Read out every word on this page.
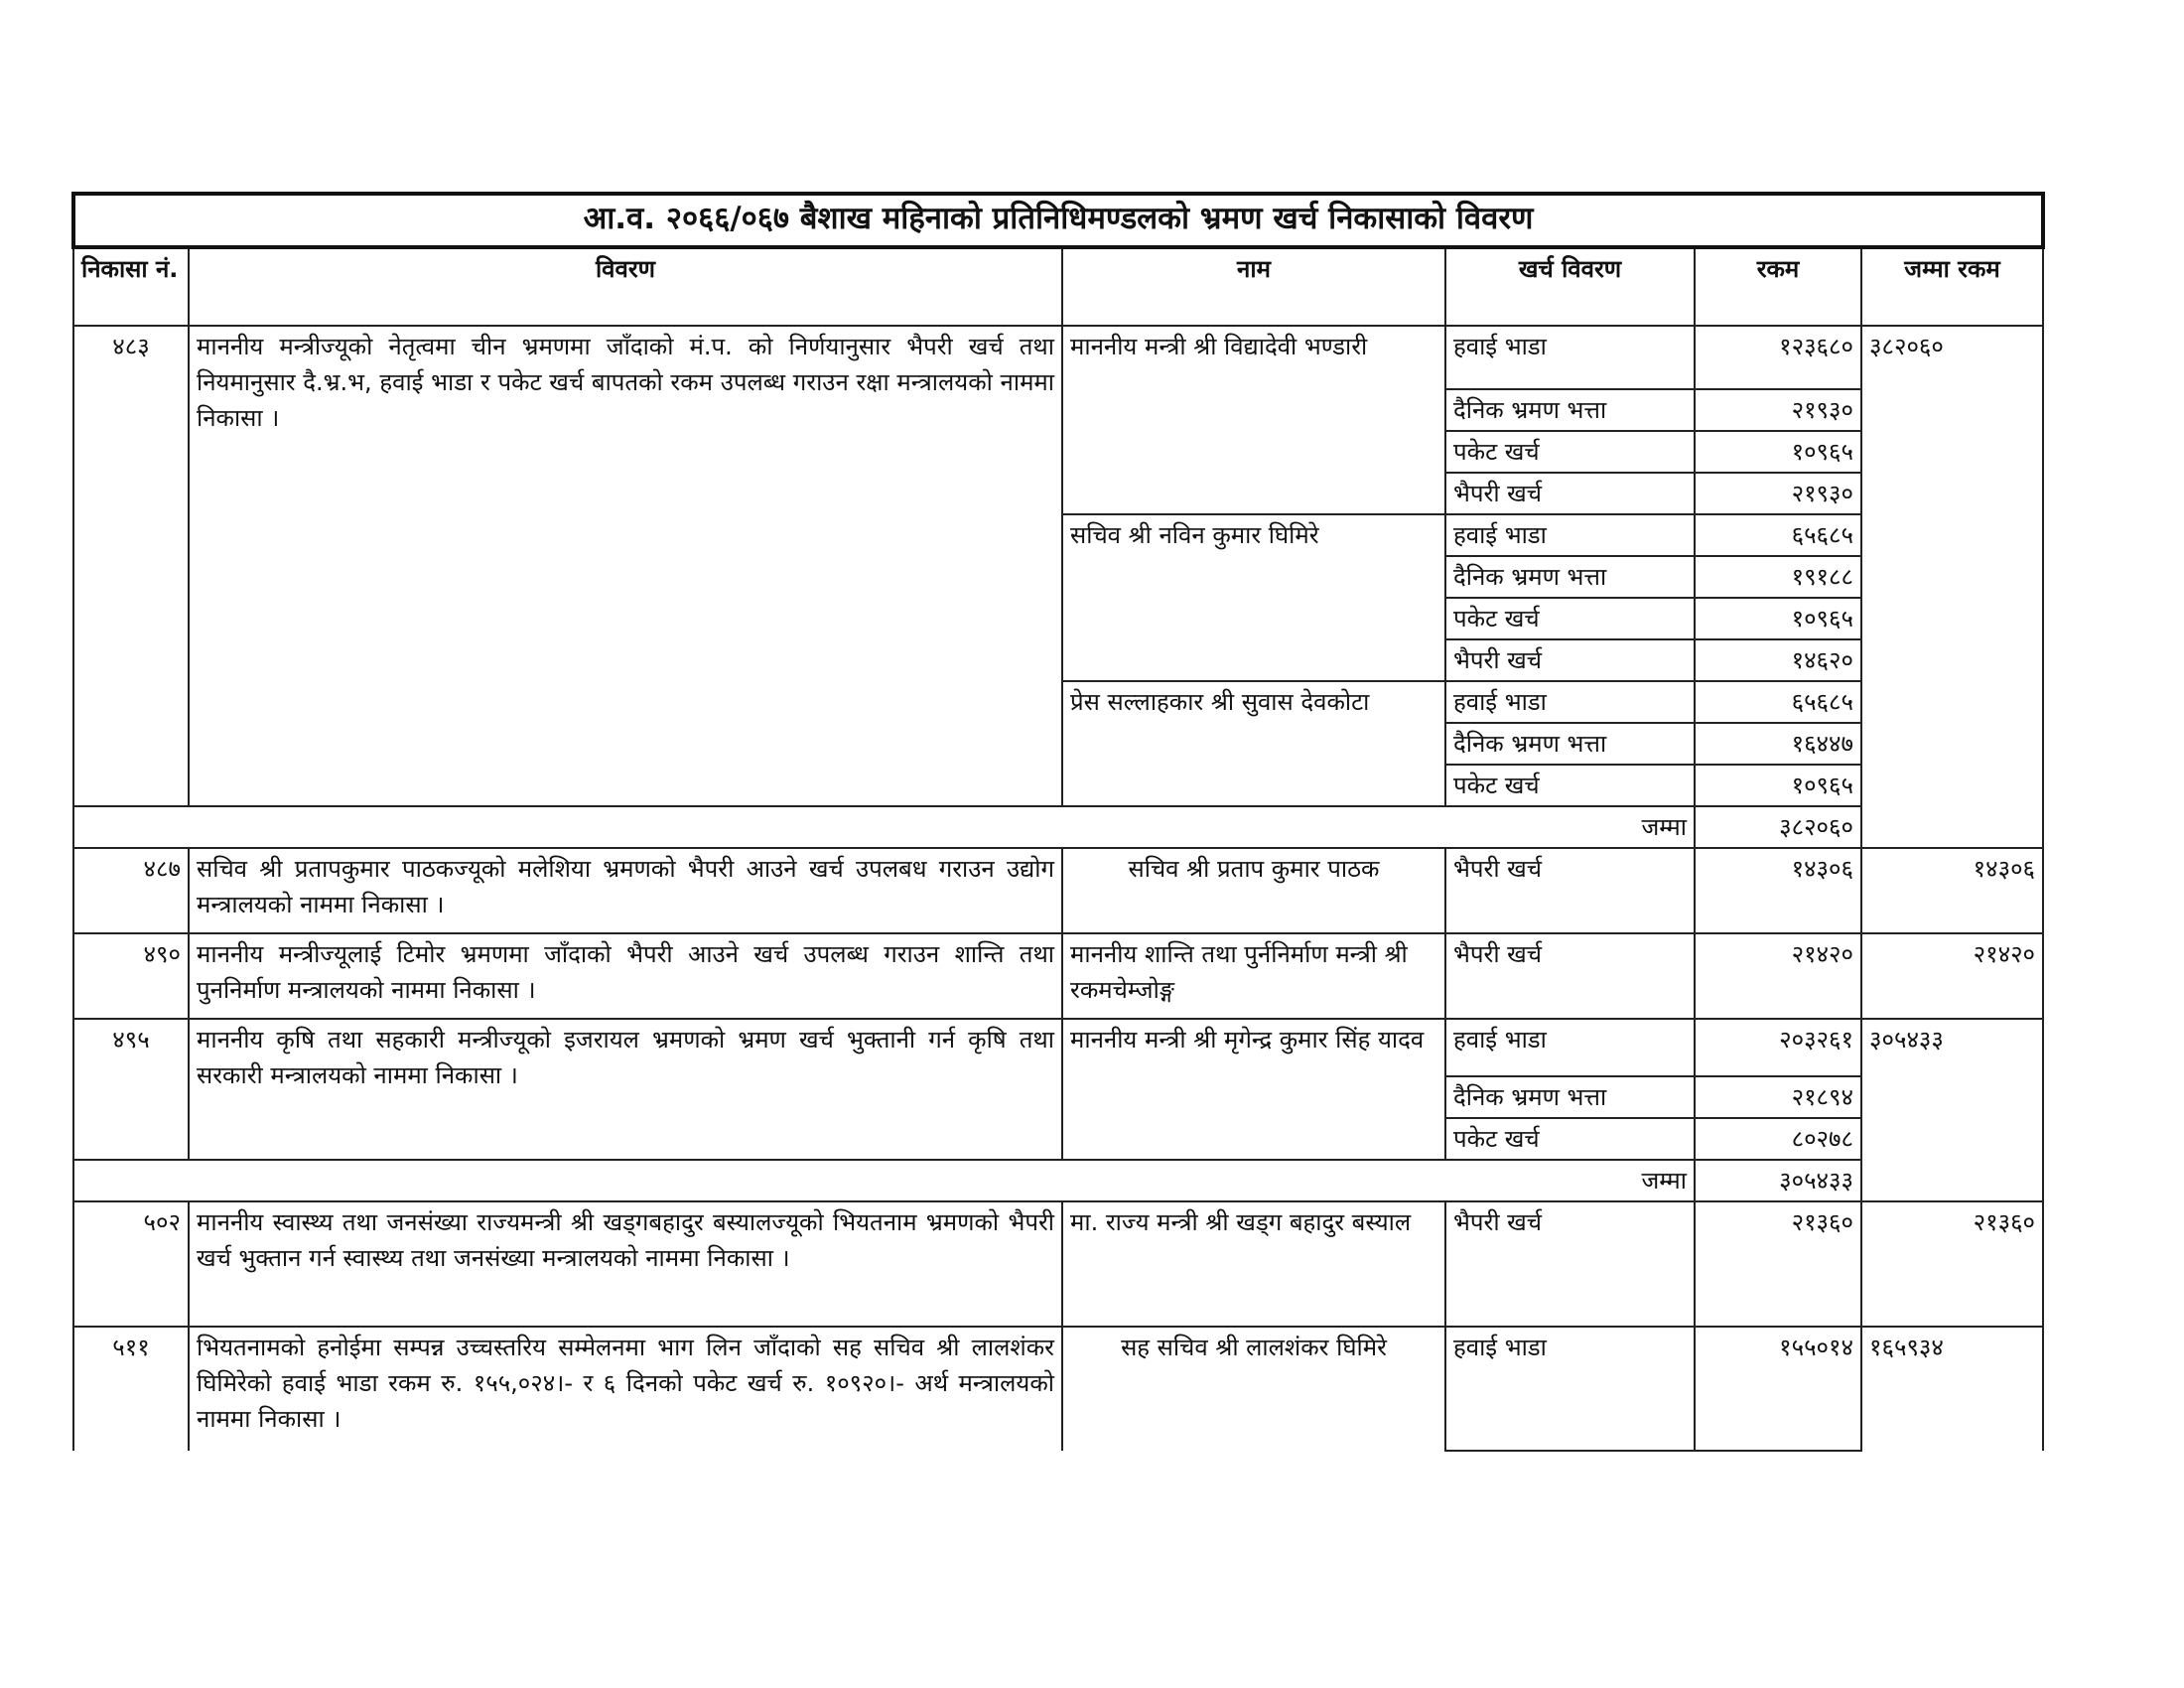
आ.व. २०६६/०६७ बैशाख महिनाको प्रतिनिधिमण्डलको भ्रमण खर्च निकासाको विवरण					
निकासा नं.	विवरण	नाम	खर्च विवरण	रकम	जम्मा रकम
४८३	माननीय मन्त्रीज्यूको नेतृत्वमा चीन भ्रमणमा जाँदाको मं.प. को निर्णयानुसार भैपरी खर्च तथा नियमानुसार दै.भ्र.भ, हवाई भाडा र पकेट खर्च बापतको रकम उपलब्ध गराउन रक्षा मन्त्रालयको नाममा निकासा ।	माननीय मन्त्री श्री विद्यादेवी भण्डारी	हवाई भाडा	१२३६८०	३८२०६०
			दैनिक भ्रमण भत्ता	२१९३०	
			पकेट खर्च	१०९६५	
			भैपरी खर्च	२१९३०	
		सचिव श्री नविन कुमार घिमिरे	हवाई भाडा	६५६८५	
			दैनिक भ्रमण भत्ता	१९१८८	
			पकेट खर्च	१०९६५	
			भैपरी खर्च	१४६२०	
		प्रेस सल्लाहकार श्री सुवास देवकोटा	हवाई भाडा	६५६८५	
			दैनिक भ्रमण भत्ता	१६४४७	
			पकेट खर्च	१०९६५	
जम्मा				३८२०६०	
४८७	सचिव श्री प्रतापकुमार पाठकज्यूको मलेशिया भ्रमणको भैपरी आउने खर्च उपलबध गराउन उद्योग मन्त्रालयको नाममा निकासा ।	सचिव श्री प्रताप कुमार पाठक	भैपरी खर्च	१४३०६	१४३०६
४९०	माननीय मन्त्रीज्यूलाई टिमोर भ्रमणमा जाँदाको भैपरी आउने खर्च उपलब्ध गराउन शान्ति तथा पुननिर्माण मन्त्रालयको नाममा निकासा ।	माननीय शान्ति तथा पुर्ननिर्माण मन्त्री श्री रकमचेम्जोङ्ग	भैपरी खर्च	२१४२०	२१४२०
४९५	माननीय कृषि तथा सहकारी मन्त्रीज्यूको इजरायल भ्रमणको भ्रमण खर्च भुक्तानी गर्न कृषि तथा सरकारी मन्त्रालयको नाममा निकासा ।	माननीय मन्त्री श्री मृगेन्द्र कुमार सिंह यादव	हवाई भाडा	२०३२६१	३०५४३३
			दैनिक भ्रमण भत्ता	२१८९४	
			पकेट खर्च	८०२७८	
जम्मा				३०५४३३	
५०२	माननीय स्वास्थ्य तथा जनसंख्या राज्यमन्त्री श्री खड्गबहादुर बस्यालज्यूको भियतनाम भ्रमणको भैपरी खर्च भुक्तान गर्न स्वास्थ्य तथा जनसंख्या मन्त्रालयको नाममा निकासा ।	मा. राज्य मन्त्री श्री खड्ग बहादुर बस्याल	भैपरी खर्च	२१३६०	२१३६०
५११	भियतनामको हनोईमा सम्पन्न उच्चस्तरिय सम्मेलनमा भाग लिन जाँदाको सह सचिव श्री लालशंकर घिमिरेको हवाई भाडा रकम रु. १५५,०२४।- र ६ दिनको पकेट खर्च रु. १०९२०।- अर्थ मन्त्रालयको नाममा निकासा ।	सह सचिव श्री लालशंकर घिमिरे	हवाई भाडा	१५५०१४	१६५९३४
